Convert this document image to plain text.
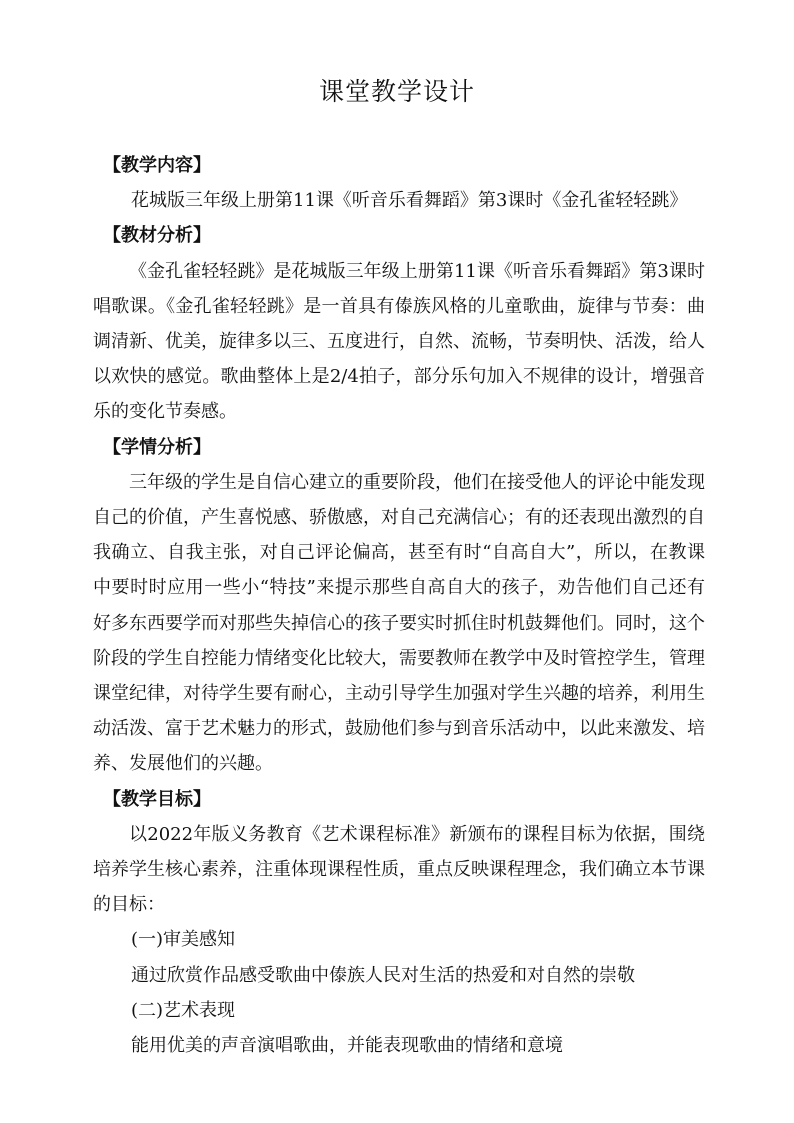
课堂教学设计

【教学内容】

花城版三年级上册第11课《听音乐看舞蹈》第3课时《金孔雀轻轻跳》

【教材分析】

《金孔雀轻轻跳》是花城版三年级上册第11课《听音乐看舞蹈》第3课时唱歌课。《金孔雀轻轻跳》是一首具有傣族风格的儿童歌曲，旋律与节奏：曲调清新、优美，旋律多以三、五度进行，自然、流畅，节奏明快、活泼，给人以欢快的感觉。歌曲整体上是2/4拍子，部分乐句加入不规律的设计，增强音乐的变化节奏感。

【学情分析】

三年级的学生是自信心建立的重要阶段，他们在接受他人的评论中能发现自己的价值，产生喜悦感、骄傲感，对自己充满信心；有的还表现出激烈的自我确立、自我主张，对自己评论偏高，甚至有时“自高自大”，所以，在教课中要时时应用一些小“特技”来提示那些自高自大的孩子，劝告他们自己还有好多东西要学而对那些失掉信心的孩子要实时抓住时机鼓舞他们。同时，这个阶段的学生自控能力情绪变化比较大，需要教师在教学中及时管控学生，管理课堂纪律，对待学生要有耐心，主动引导学生加强对学生兴趣的培养，利用生动活泼、富于艺术魅力的形式，鼓励他们参与到音乐活动中，以此来激发、培养、发展他们的兴趣。

【教学目标】

以2022年版义务教育《艺术课程标准》新颁布的课程目标为依据，围绕培养学生核心素养，注重体现课程性质，重点反映课程理念，我们确立本节课的目标：

(一)审美感知

通过欣赏作品感受歌曲中傣族人民对生活的热爱和对自然的崇敬

(二)艺术表现

能用优美的声音演唱歌曲，并能表现歌曲的情绪和意境
